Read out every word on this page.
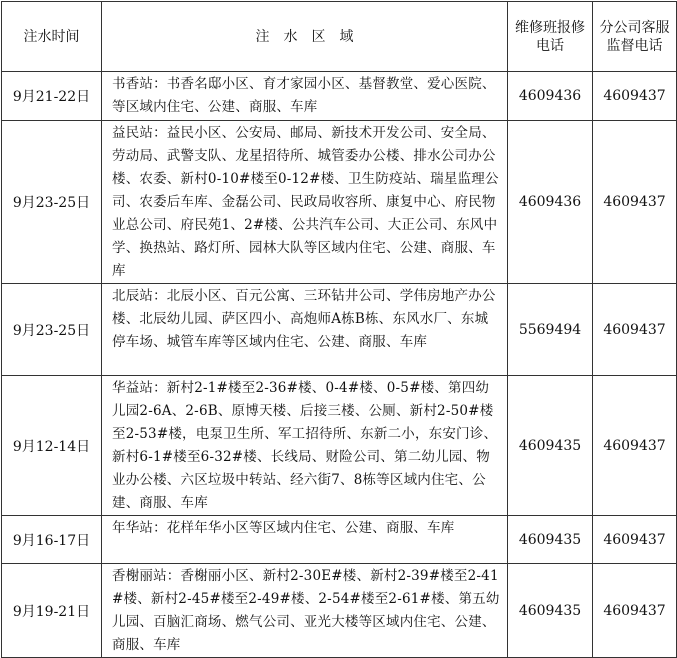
注水时间	注　水　区　域	维修班报修电话	分公司客服监督电话
9月21-22日	书香站：书香名邸小区、育才家园小区、基督教堂、爱心医院、等区域内住宅、公建、商服、车库	4609436	4609437
9月23-25日	益民站：益民小区、公安局、邮局、新技术开发公司、安全局、劳动局、武警支队、龙星招待所、城管委办公楼、排水公司办公楼、农委、新村0-10#楼至0-12#楼、卫生防疫站、瑞星监理公司、农委后车库、金磊公司、民政局收容所、康复中心、府民物业总公司、府民苑1、2#楼、公共汽车公司、大正公司、东风中学、换热站、路灯所、园林大队等区域内住宅、公建、商服、车库	4609436	4609437
9月23-25日	北辰站：北辰小区、百元公寓、三环钻井公司、学伟房地产办公楼、北辰幼儿园、萨区四小、高炮师A栋B栋、东风水厂、东城停车场、城管车库等区域内住宅、公建、商服、车库	5569494	4609437
9月12-14日	华益站：新村2-1#楼至2-36#楼、0-4#楼、0-5#楼、第四幼儿园2-6A、2-6B、原博天楼、后接三楼、公厕、新村2-50#楼至2-53#楼，电泵卫生所、军工招待所、东新二小，东安门诊、新村6-1#楼至6-32#楼、长线局、财险公司、第二幼儿园、物业办公楼、六区垃圾中转站、经六街7、8栋等区域内住宅、公建、商服、车库	4609435	4609437
9月16-17日	年华站：花样年华小区等区域内住宅、公建、商服、车库	4609435	4609437
9月19-21日	香榭丽站：香榭丽小区、新村2-30E#楼、新村2-39#楼至2-41#楼、新村2-45#楼至2-49#楼、2-54#楼至2-61#楼、第五幼儿园、百脑汇商场、燃气公司、亚光大楼等区域内住宅、公建、商服、车库	4609435	4609437
